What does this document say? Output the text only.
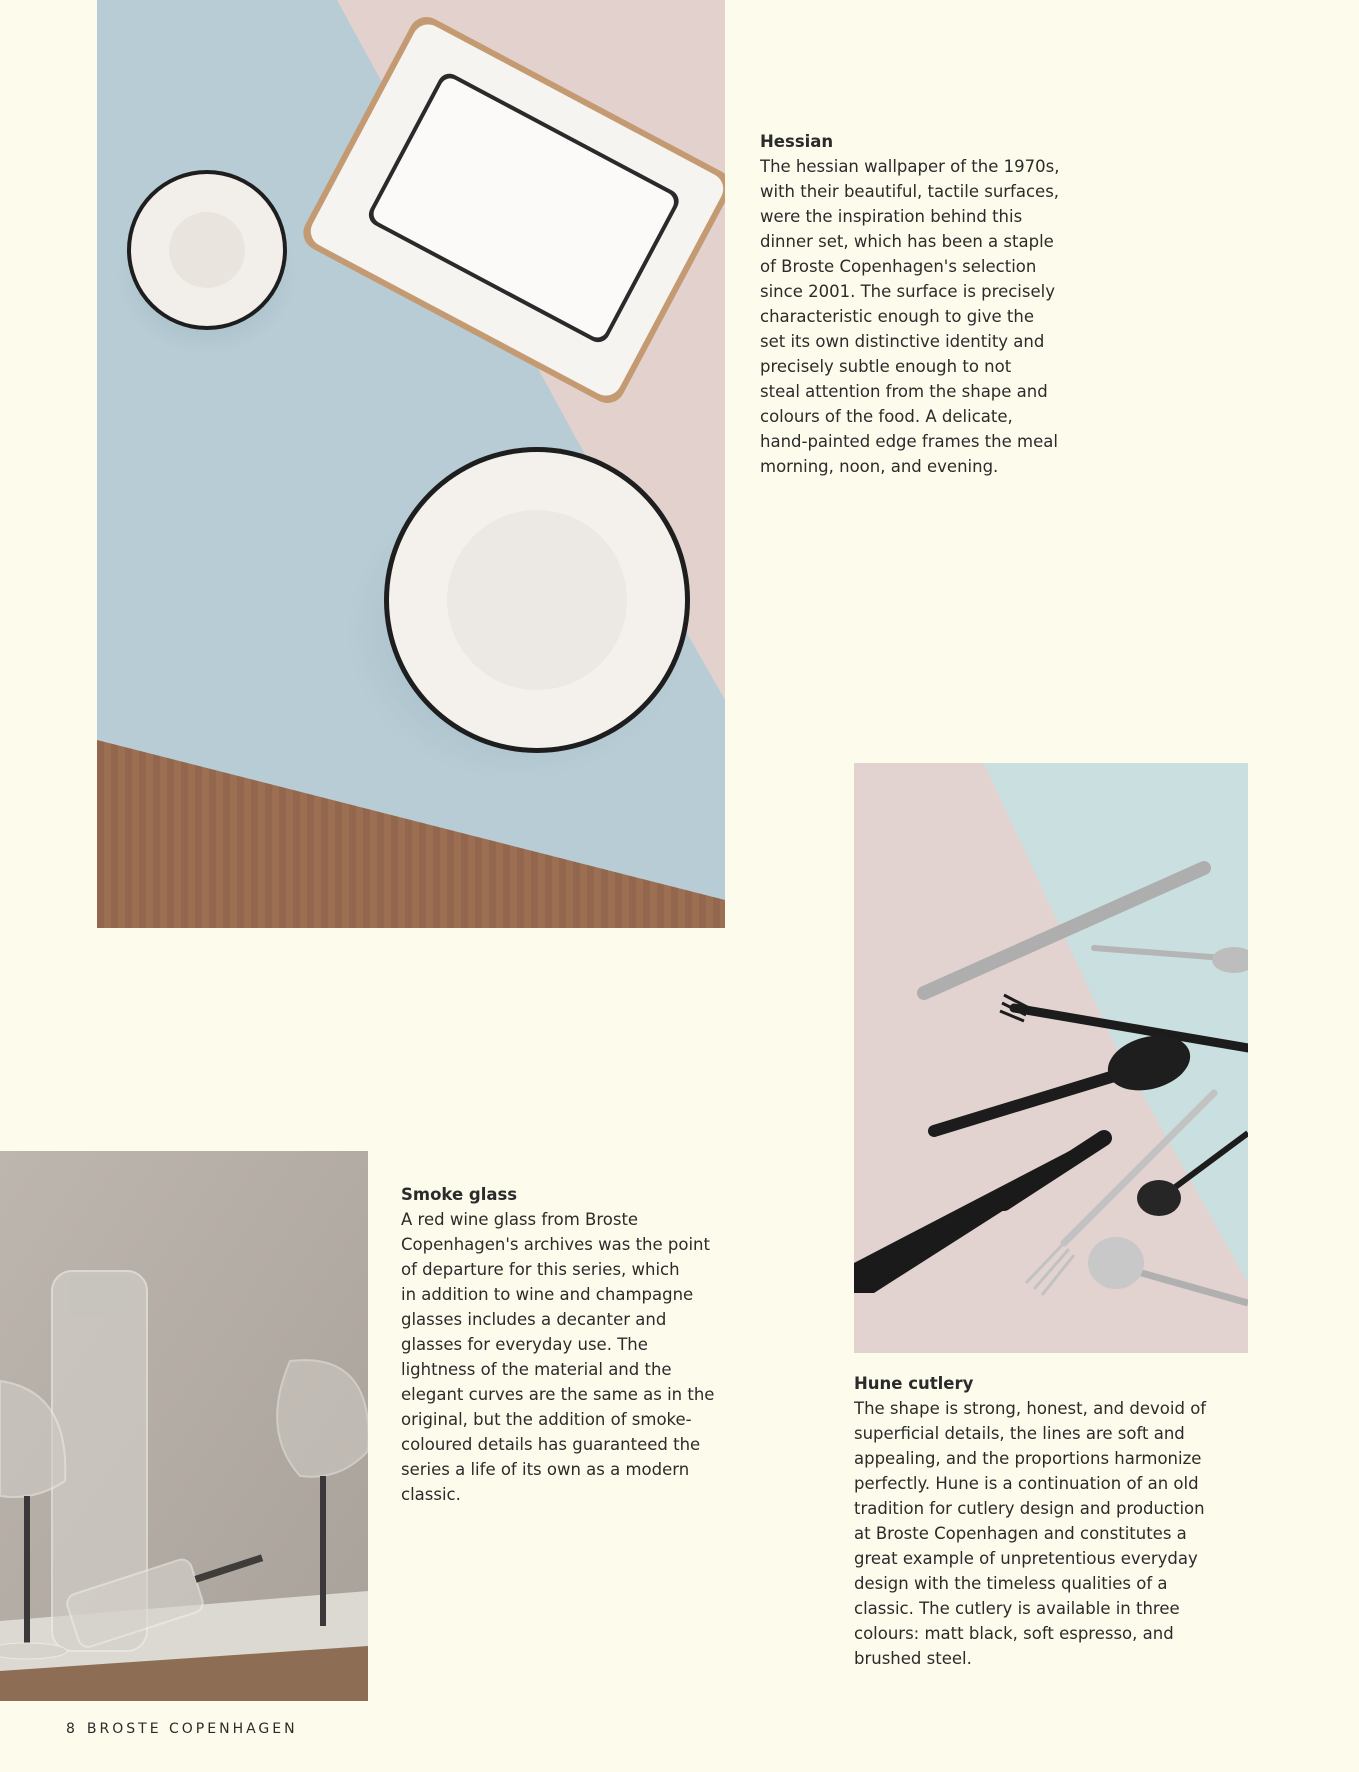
Hessian

The hessian wallpaper of the 1970s,
with their beautiful, tactile surfaces,
were the inspiration behind this
dinner set, which has been a staple
of Broste Copenhagen's selection
since 2001. The surface is precisely
characteristic enough to give the
set its own distinctive identity and
precisely subtle enough to not
steal attention from the shape and
colours of the food. A delicate,
hand-painted edge frames the meal
morning, noon, and evening.

Smoke glass

A red wine glass from Broste
Copenhagen's archives was the point
of departure for this series, which
in addition to wine and champagne
glasses includes a decanter and
glasses for everyday use. The
lightness of the material and the
elegant curves are the same as in the
original, but the addition of smoke-
coloured details has guaranteed the
series a life of its own as a modern
classic.

Hune cutlery

The shape is strong, honest, and devoid of
superficial details, the lines are soft and
appealing, and the proportions harmonize
perfectly. Hune is a continuation of an old
tradition for cutlery design and production
at Broste Copenhagen and constitutes a
great example of unpretentious everyday
design with the timeless qualities of a
classic. The cutlery is available in three
colours: matt black, soft espresso, and
brushed steel.

8 BROSTE COPENHAGEN
